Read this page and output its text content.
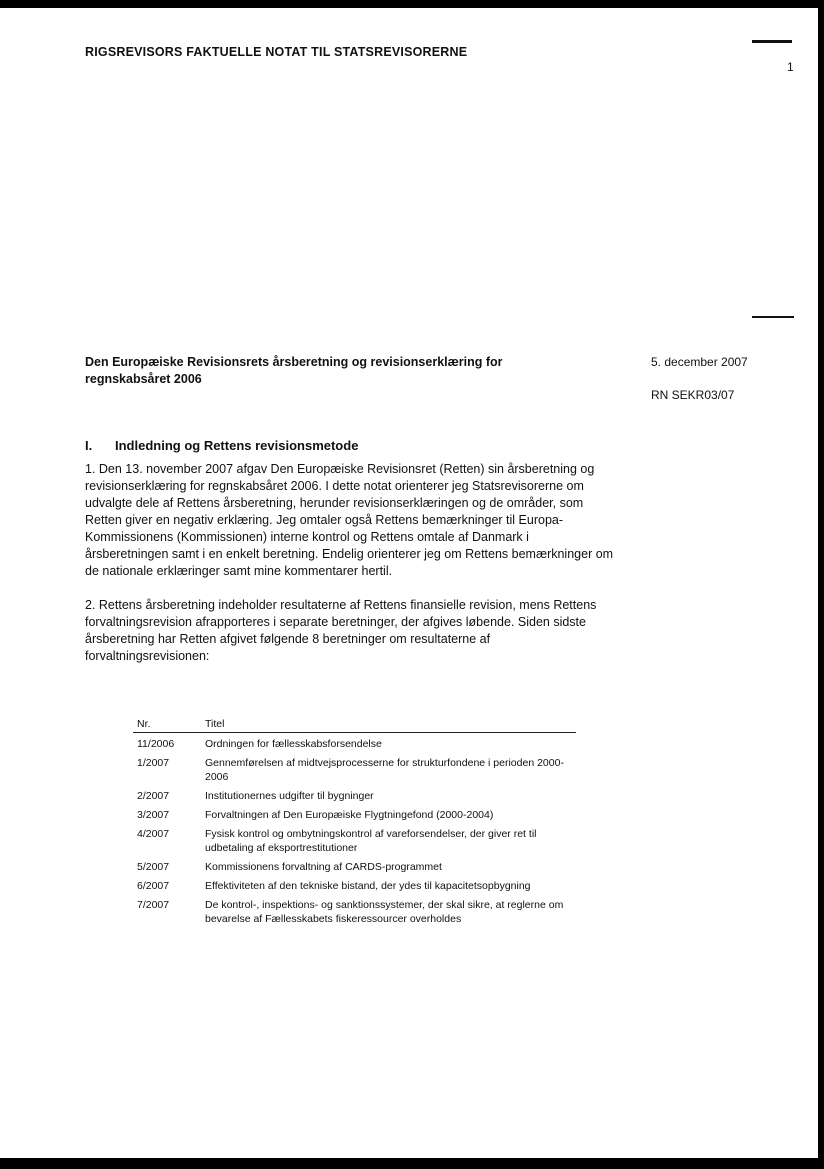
RIGSREVISORS FAKTUELLE NOTAT TIL STATSREVISORERNE
1
Den Europæiske Revisionsrets årsberetning og revisionserklæring for regnskabsåret 2006
5. december 2007
RN SEKR03/07
I. Indledning og Rettens revisionsmetode

1. Den 13. november 2007 afgav Den Europæiske Revisionsret (Retten) sin årsberetning og revisionserklæring for regnskabsåret 2006. I dette notat orienterer jeg Statsrevisorerne om udvalgte dele af Rettens årsberetning, herunder revisionserklæringen og de områder, som Retten giver en negativ erklæring. Jeg omtaler også Rettens bemærkninger til Europa-Kommissionens (Kommissionen) interne kontrol og Rettens omtale af Danmark i årsberetningen samt i en enkelt beretning. Endelig orienterer jeg om Rettens bemærkninger om de nationale erklæringer samt mine kommentarer hertil.

2. Rettens årsberetning indeholder resultaterne af Rettens finansielle revision, mens Rettens forvaltningsrevision afrapporteres i separate beretninger, der afgives løbende. Siden sidste årsberetning har Retten afgivet følgende 8 beretninger om resultaterne af forvaltningsrevisionen:

Nr.	Titel
11/2006	Ordningen for fællesskabsforsendelse
1/2007	Gennemførelsen af midtvejsprocesserne for strukturfondene i perioden 2000-2006
2/2007	Institutionernes udgifter til bygninger
3/2007	Forvaltningen af Den Europæiske Flygtningefond (2000-2004)
4/2007	Fysisk kontrol og ombytningskontrol af vareforsendelser, der giver ret til udbetaling af eksportrestitutioner
5/2007	Kommissionens forvaltning af CARDS-programmet
6/2007	Effektiviteten af den tekniske bistand, der ydes til kapacitetsopbygning
7/2007	De kontrol-, inspektions- og sanktionssystemer, der skal sikre, at reglerne om bevarelse af Fællesskabets fiskeressourcer overholdes
